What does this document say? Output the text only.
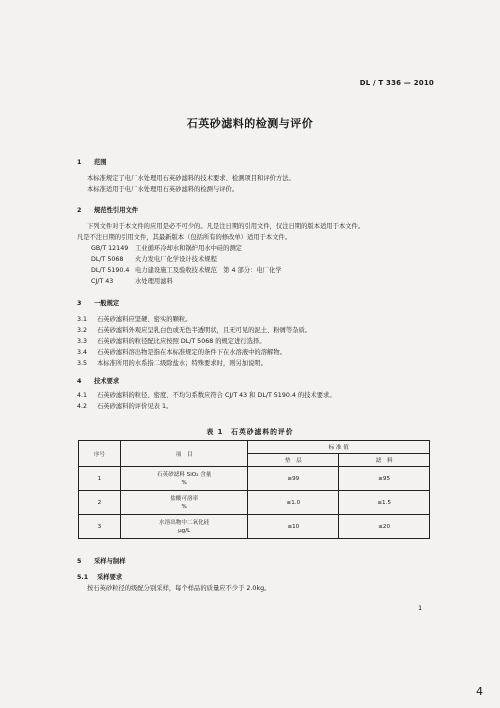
DL / T 336 — 2010
石英砂滤料的检测与评价
1 范围
本标准规定了电厂水处理用石英砂滤料的技术要求、检测项目和评价方法。
本标准适用于电厂水处理用石英砂滤料的检测与评价。
2 规范性引用文件
下列文件对于本文件的应用是必不可少的。凡是注日期的引用文件，仅注日期的版本适用于本文件。
凡是不注日期的引用文件，其最新版本（包括所有的修改单）适用于本文件。
GB/T 12149 工业循环冷却水和锅炉用水中硅的测定
DL/T 5068 火力发电厂化学设计技术规程
DL/T 5190.4 电力建设施工及验收技术规范　第 4 部分：电厂化学
CJ/T 43	水处理用滤料
3 一般规定
3.1 石英砂滤料应坚硬、密实的颗粒。
3.2 石英砂滤料外观应呈乳白色或无色半透明状，且无可见的泥土、粉屑等杂质。
3.3 石英砂滤料的粒径配比应按照 DL/T 5068 的规定进行选择。
3.4 石英砂滤料溶出物是指在本标准规定的条件下在水溶液中的溶解物。
3.5 本标准所用的水系指二级除盐水；特殊要求时，则另加说明。
4 技术要求
4.1 石英砂滤料的粒径、密度、不均匀系数应符合 CJ/T 43 和 DL/T 5190.4 的技术要求。
4.2 石英砂滤料的评价见表 1。
表 1　石英砂滤料的评价
序号	项　目	标 准 值	
		垫　层	滤　料
1	石英砂滤料 SiO₂ 含量
%	≥99	≥95
2	盐酸可溶率
%	≤1.0	≤1.5
3	水溶出物中二氧化硅
μg/L	≤10	≤20
5 采样与制样
5.1 采样要求
按石英砂粒径的级配分别采样，每个样品的质量应不少于 2.0kg。
1
4
